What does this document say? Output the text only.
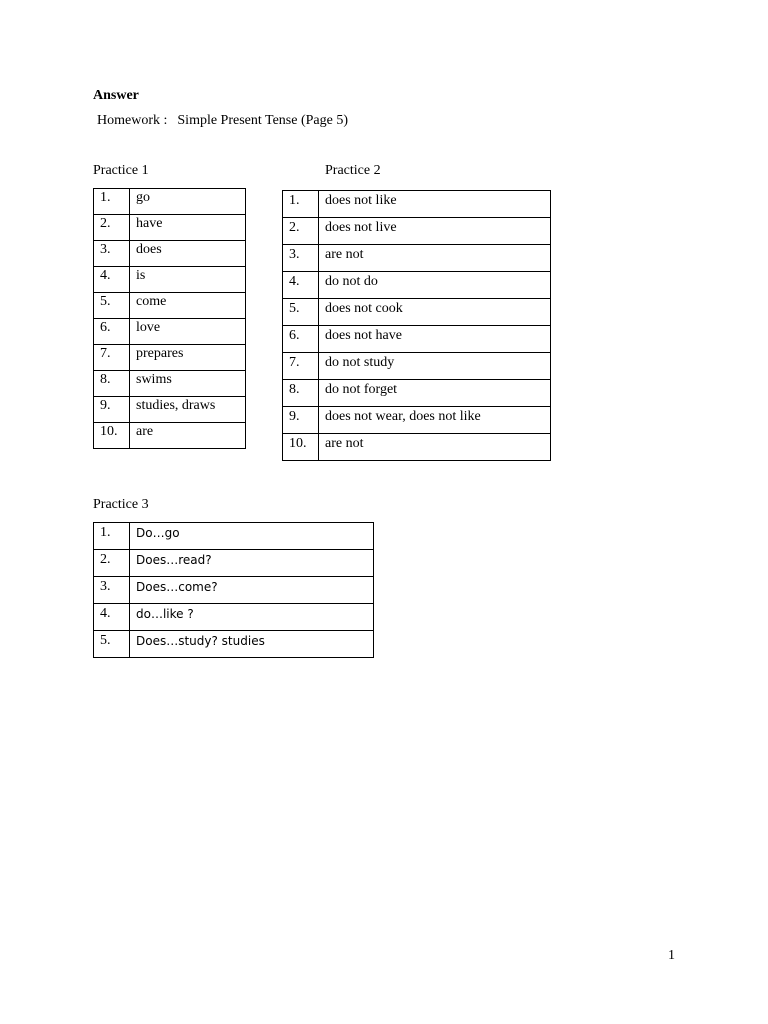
Answer
Homework : Simple Present Tense (Page 5)
Practice 1	Practice 2
1.	go
2.	have
3.	does
4.	is
5.	come
6.	love
7.	prepares
8.	swims
9.	studies, draws
10.	are
1.	does not like
2.	does not live
3.	are not
4.	do not do
5.	does not cook
6.	does not have
7.	do not study
8.	do not forget
9.	does not wear, does not like
10.	are not
Practice 3
1.	Do…go
2.	Does…read?
3.	Does…come?
4.	do…like ?
5.	Does…study? studies
1
